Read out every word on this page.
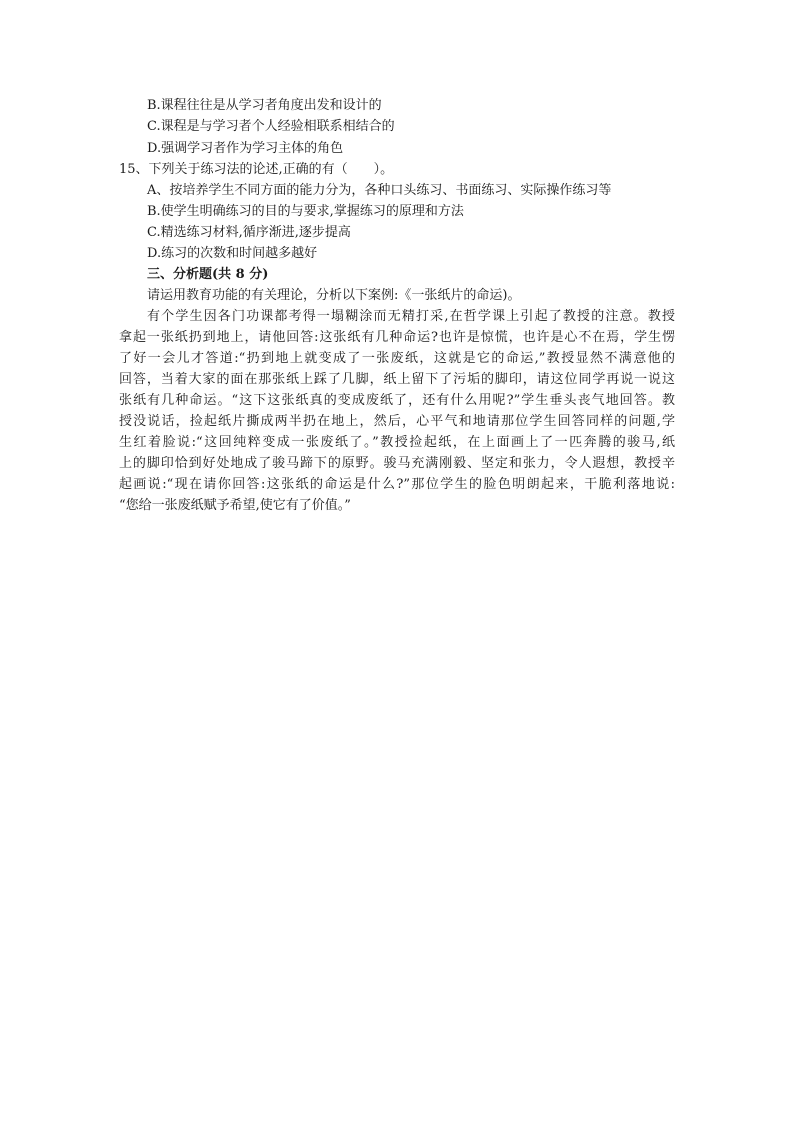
B.课程往往是从学习者角度出发和设计的
C.课程是与学习者个人经验相联系相结合的
D.强调学习者作为学习主体的角色
15、下列关于练习法的论述,正确的有（　　）。
A、按培养学生不同方面的能力分为，各种口头练习、书面练习、实际操作练习等
B.使学生明确练习的目的与要求,掌握练习的原理和方法
C.精选练习材料,循序渐进,逐步提高
D.练习的次数和时间越多越好
三、分析题(共 8 分)
请运用教育功能的有关理论，分析以下案例:《一张纸片的命运)。
有个学生因各门功课都考得一塌糊涂而无精打采,在哲学课上引起了教授的注意。教授
拿起一张纸扔到地上，请他回答:这张纸有几种命运?也许是惊慌，也许是心不在焉，学生愣
了好一会儿才答道:“扔到地上就变成了一张废纸，这就是它的命运,”教授显然不满意他的
回答，当着大家的面在那张纸上踩了几脚，纸上留下了污垢的脚印，请这位同学再说一说这
张纸有几种命运。“这下这张纸真的变成废纸了，还有什么用呢?”学生垂头丧气地回答。教
授没说话，捡起纸片撕成两半扔在地上，然后，心平气和地请那位学生回答同样的问题,学
生红着脸说:“这回纯粹变成一张废纸了。”教授捡起纸，在上面画上了一匹奔腾的骏马,纸
上的脚印恰到好处地成了骏马蹄下的原野。骏马充满刚毅、坚定和张力，令人遐想，教授辛
起画说:“现在请你回答:这张纸的命运是什么?”那位学生的脸色明朗起来，干脆利落地说:
“您给一张废纸赋予希望,使它有了价值。”
